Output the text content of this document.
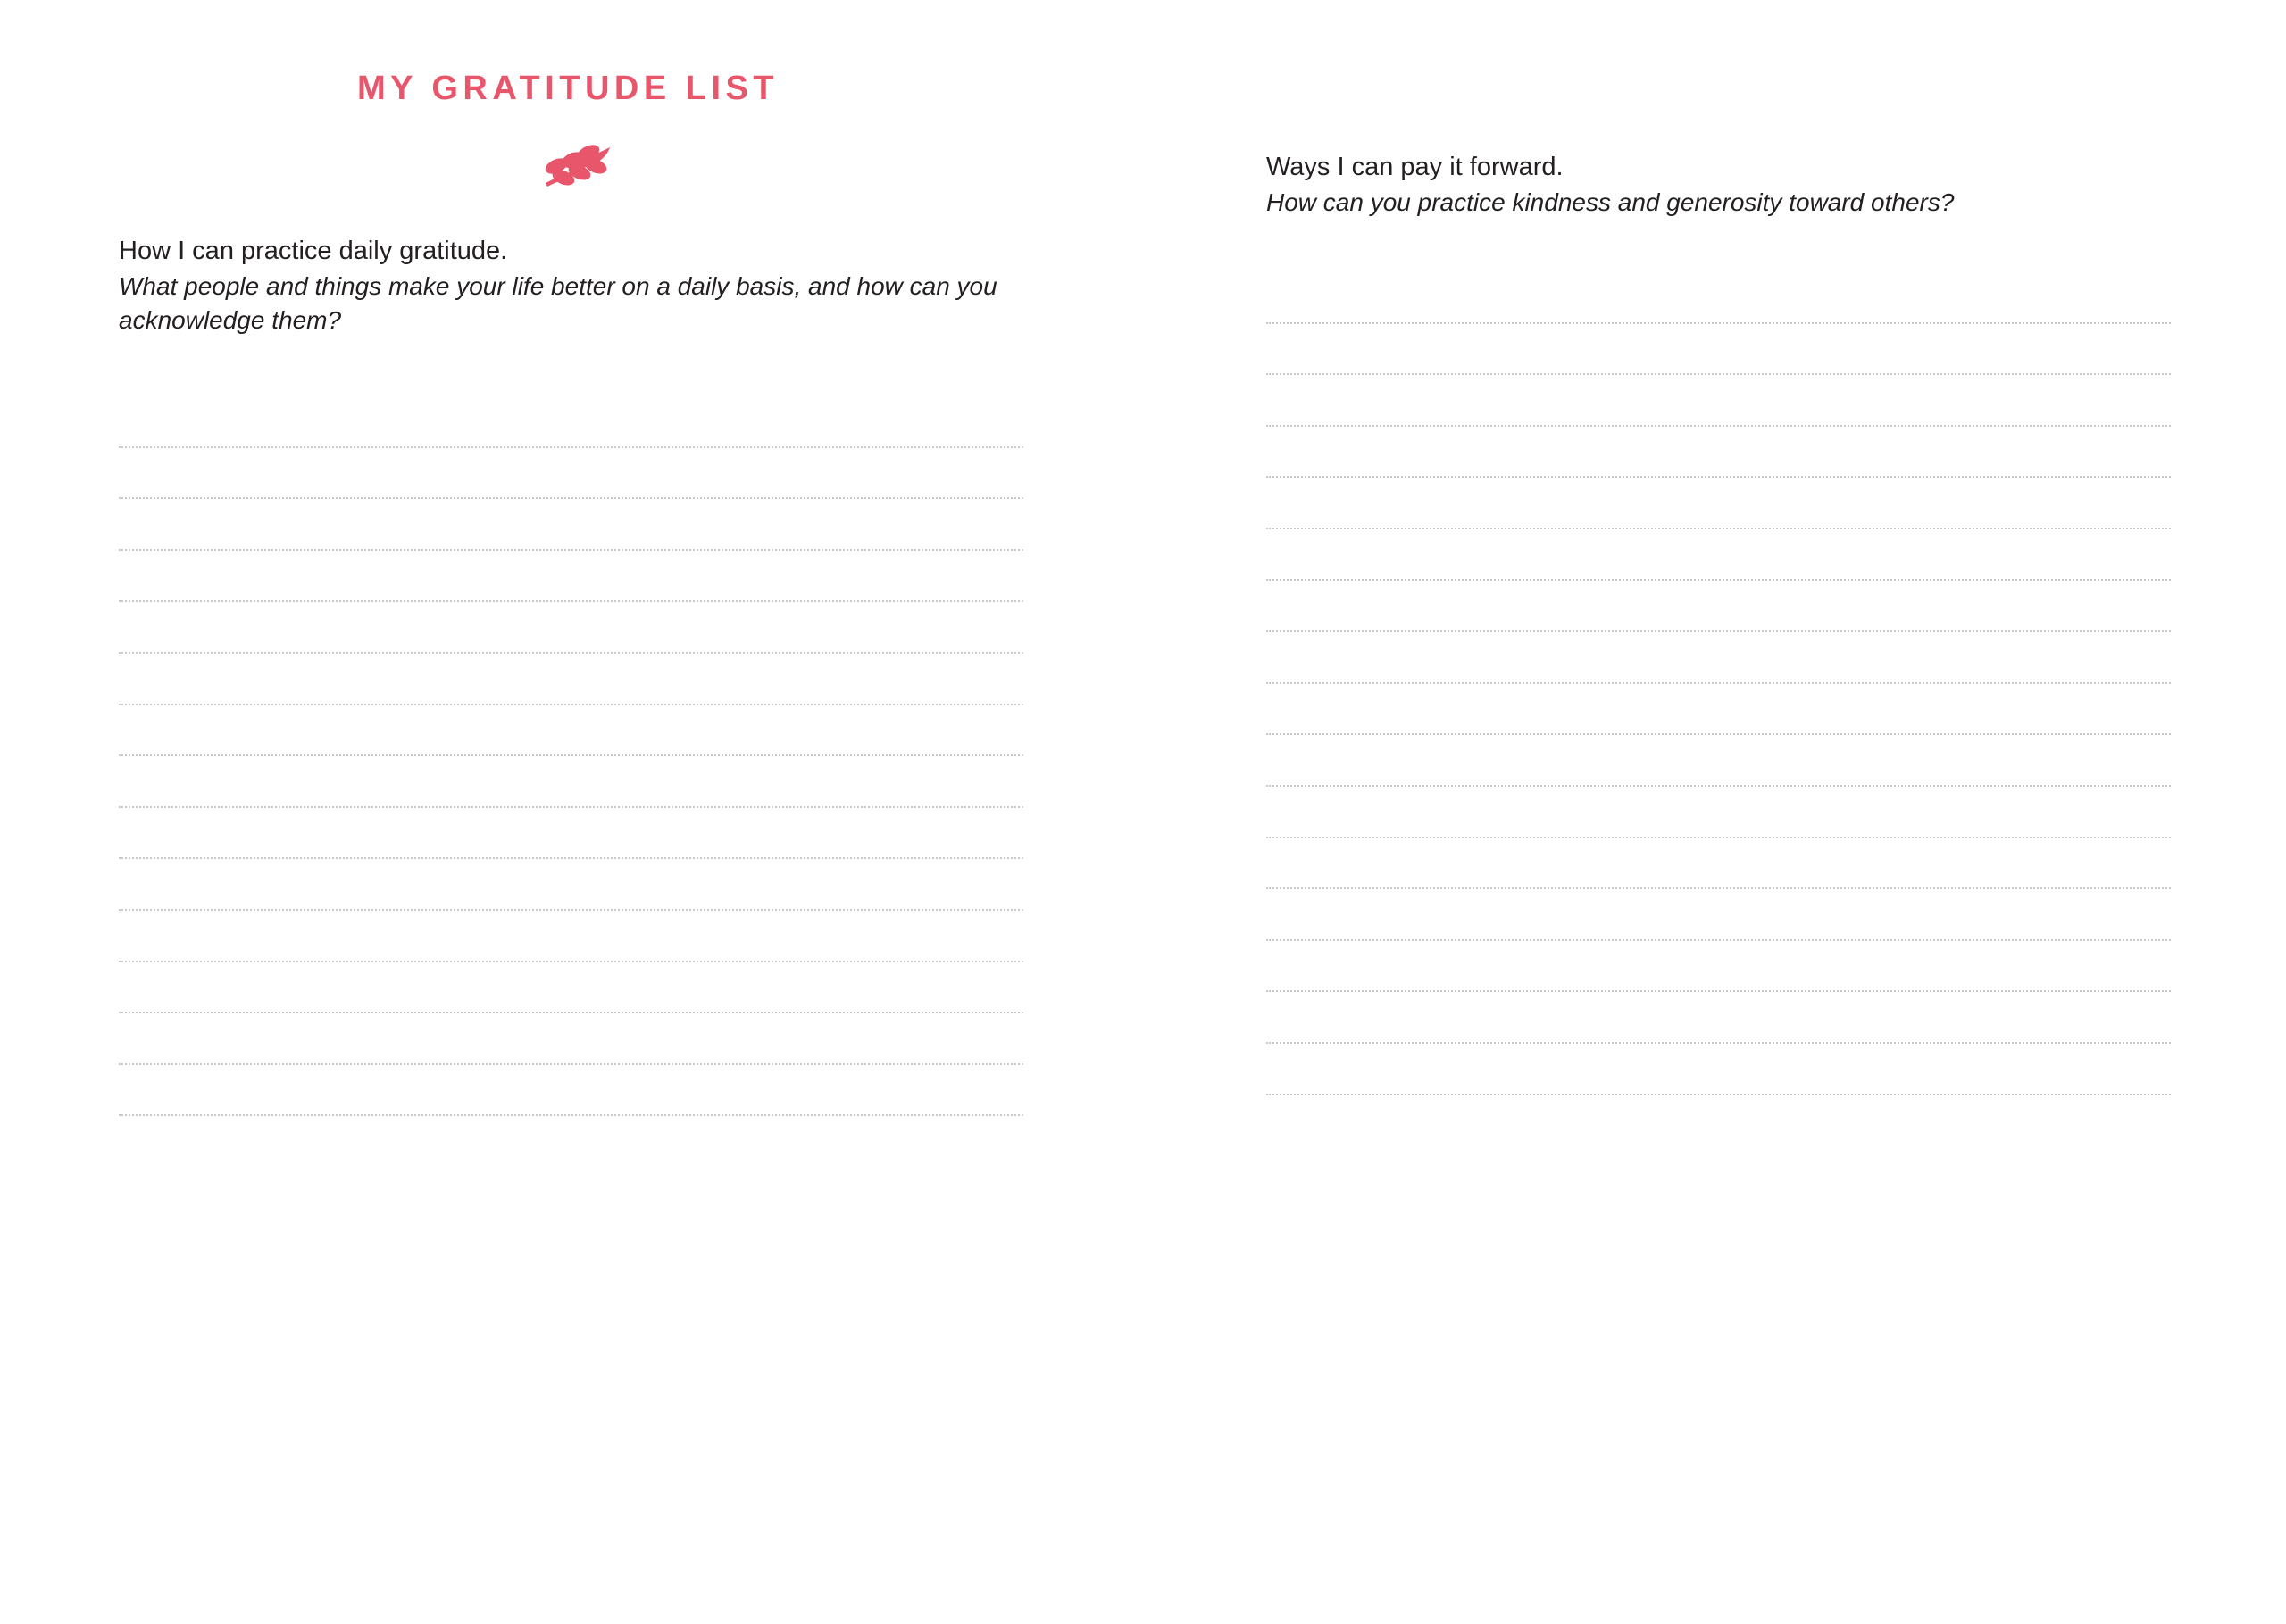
MY GRATITUDE LIST

How I can practice daily gratitude.

What people and things make your life better on a daily basis, and how can you acknowledge them?

Ways I can pay it forward.

How can you practice kindness and generosity toward others?
